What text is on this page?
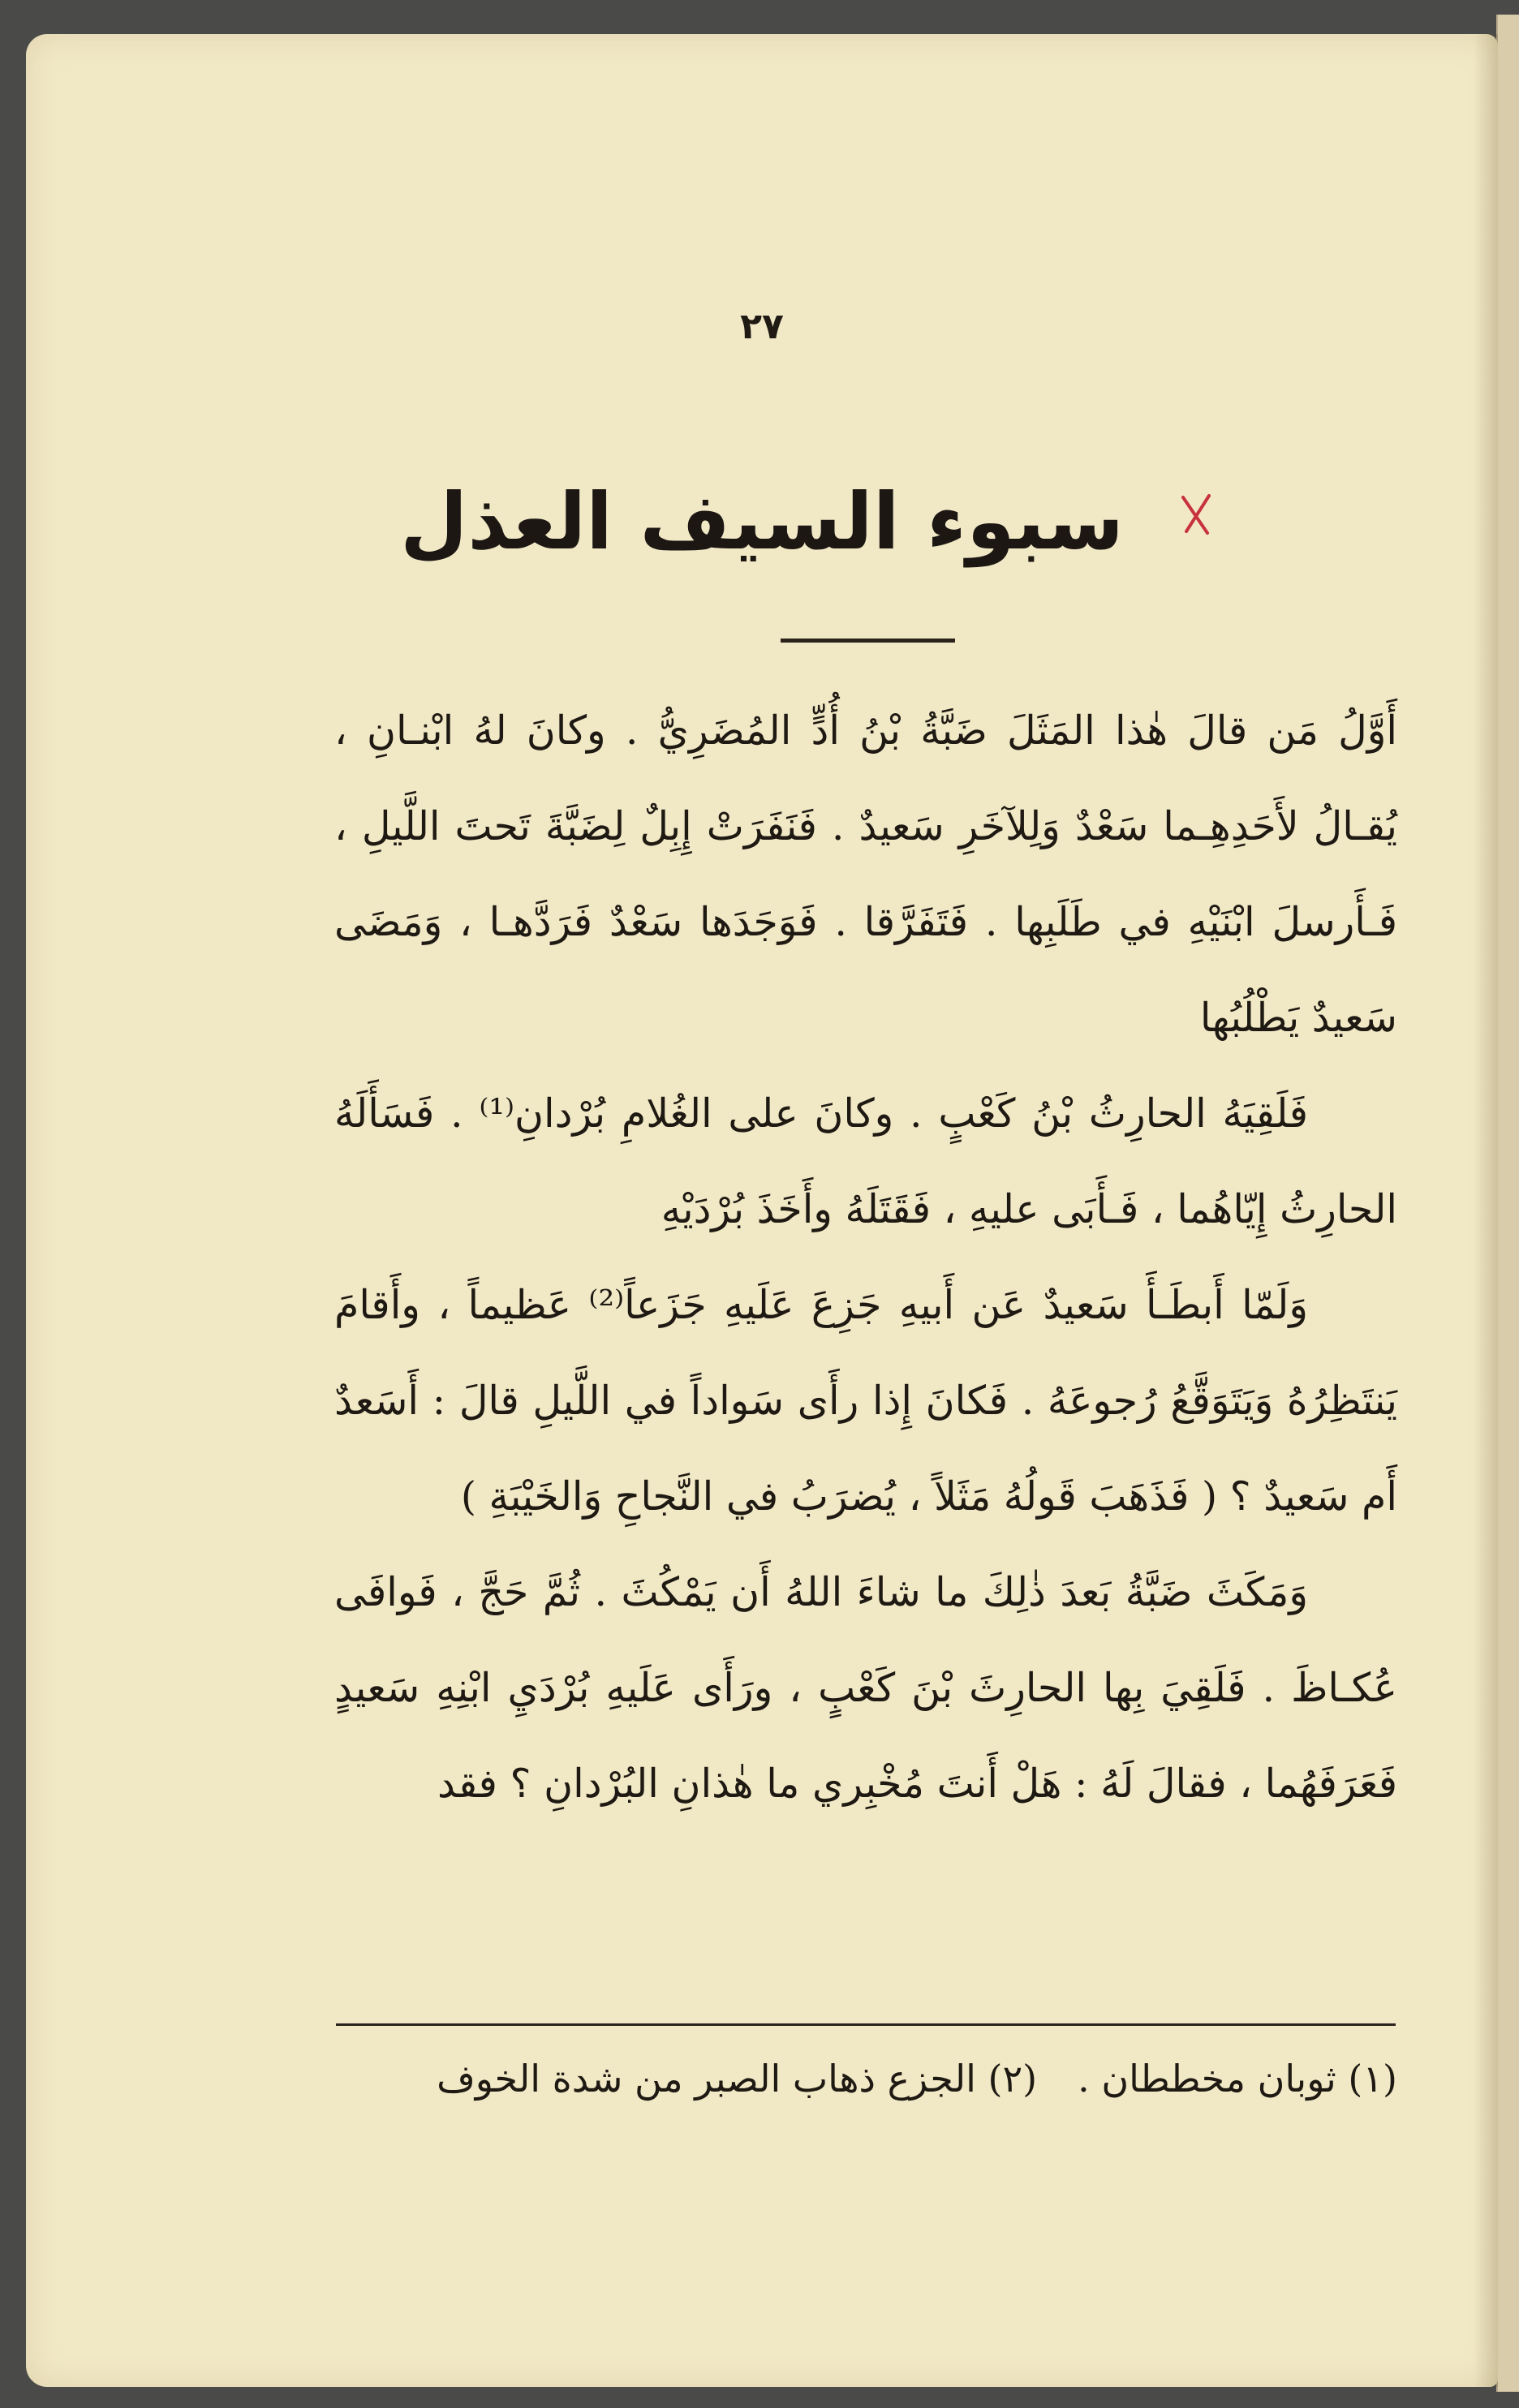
٢٧
سبوء السيف العذل

أَوَّلُ مَن قالَ هٰذا المَثَلَ ضَبَّةُ بْنُ أُدٍّ المُضَرِيُّ . وكانَ لهُ ابْنـانِ ، يُقـالُ لأَحَدِهِـما سَعْدٌ وَلِلآخَرِ سَعيدٌ . فَنَفَرَتْ إِبِلٌ لِضَبَّةَ تَحتَ اللَّيلِ ، فَـأَرسلَ ابْنَيْهِ في طَلَبِها . فَتَفَرَّقا . فَوَجَدَها سَعْدٌ فَرَدَّهـا ، وَمَضَى سَعيدٌ يَطْلُبُها

فَلَقِيَهُ الحارِثُ بْنُ كَعْبٍ . وكانَ على الغُلامِ بُرْدانِ⁽¹⁾ . فَسَأَلَهُ الحارِثُ إِيّاهُما ، فَـأَبَى عليهِ ، فَقَتَلَهُ وأَخَذَ بُرْدَيْهِ

وَلَمّا أَبطَـأَ سَعيدٌ عَن أَبيهِ جَزِعَ عَلَيهِ جَزَعاً⁽²⁾ عَظيماً ، وأَقامَ يَنتَظِرُهُ وَيَتَوَقَّعُ رُجوعَهُ . فَكانَ إِذا رأَى سَواداً في اللَّيلِ قالَ : أَسَعدٌ أَم سَعيدٌ ؟ ( فَذَهَبَ قَولُهُ مَثَلاً ، يُضرَبُ في النَّجاحِ وَالخَيْبَةِ )

وَمَكَثَ ضَبَّةُ بَعدَ ذٰلِكَ ما شاءَ اللهُ أَن يَمْكُثَ . ثُمَّ حَجَّ ، فَوافَى عُكـاظَ . فَلَقِيَ بِها الحارِثَ بْنَ كَعْبٍ ، ورَأَى عَلَيهِ بُرْدَيِ ابْنِهِ سَعيدٍ فَعَرَفَهُما ، فقالَ لَهُ : هَلْ أَنتَ مُخْبِري ما هٰذانِ البُرْدانِ ؟ فقد

(١) ثوبان مخططان .
(٢) الجزع ذهاب الصبر من شدة الخوف
